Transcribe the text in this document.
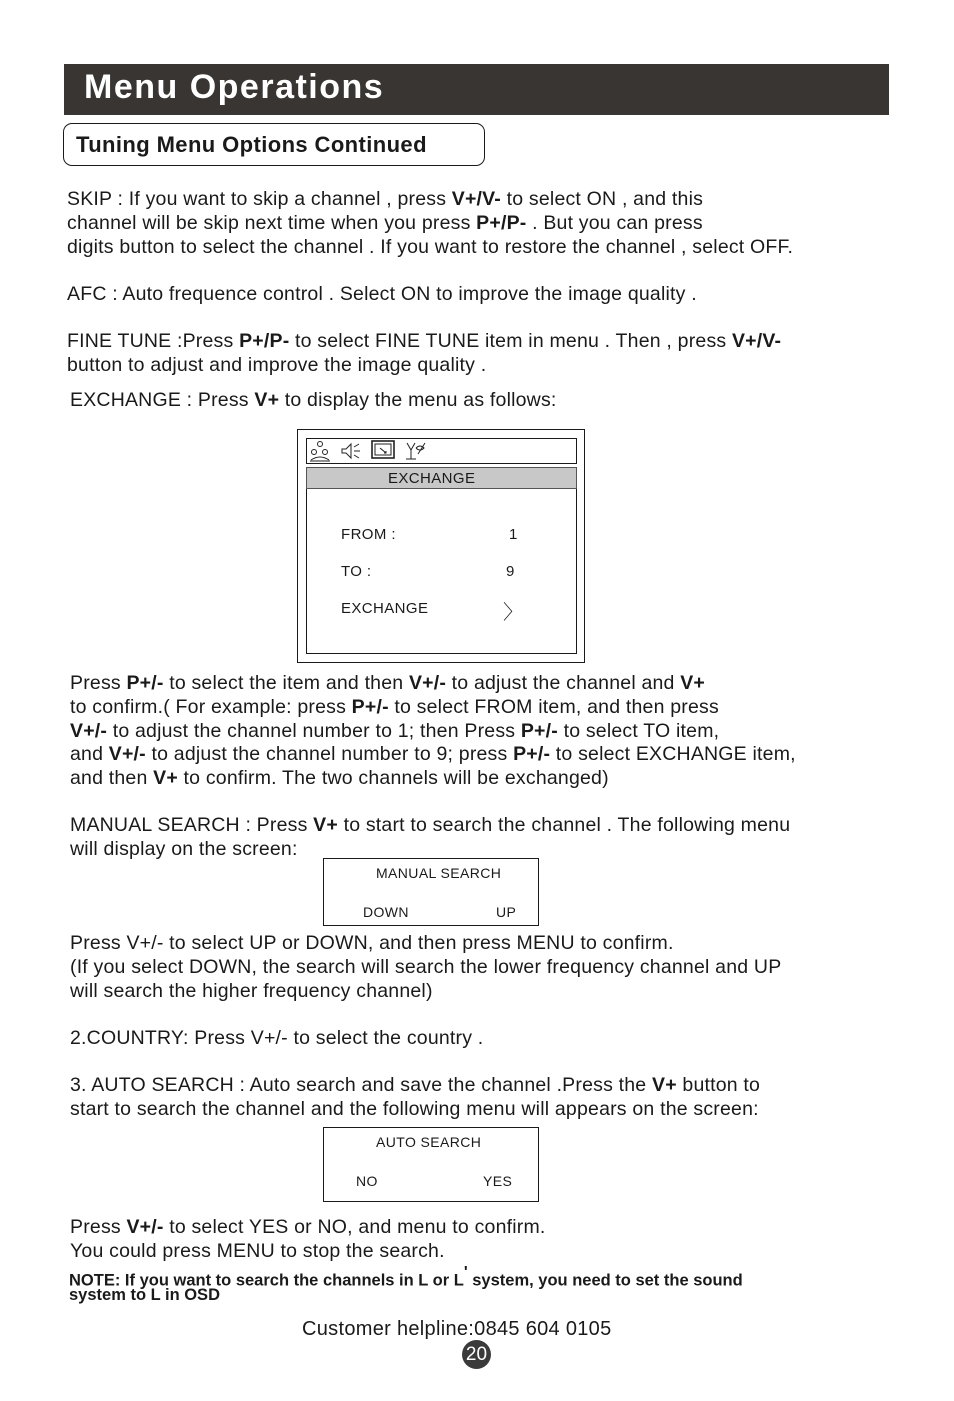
Menu Operations
Tuning Menu Options Continued
SKIP : If you want to skip a channel , press V+/V- to select ON , and this
channel will be skip next time when you press P+/P- . But you can press
digits button to select the channel . If you want to restore the channel , select OFF.
AFC : Auto frequence control . Select ON to improve the image quality .
FINE TUNE :Press P+/P- to select FINE TUNE item in menu . Then , press V+/V-
button to adjust and improve the image quality .
EXCHANGE : Press V+ to display the menu as follows:
EXCHANGE
FROM :	1
TO :	9
EXCHANGE	〉
Press P+/- to select the item and then V+/- to adjust the channel and V+
to confirm.( For example: press P+/- to select FROM item, and then press
V+/- to adjust the channel number to 1; then Press P+/- to select TO item,
and V+/- to adjust the channel number to 9; press P+/- to select EXCHANGE item,
and then V+ to confirm. The two channels will be exchanged)
MANUAL SEARCH : Press V+ to start to search the channel . The following menu
will display on the screen:
MANUAL SEARCH
DOWN	UP
Press V+/- to select UP or DOWN, and then press MENU to confirm.
(If you select DOWN, the search will search the lower frequency channel and UP
will search the higher frequency channel)
2.COUNTRY: Press V+/- to select the country .
3. AUTO SEARCH : Auto search and save the channel .Press the V+ button to
start to search the channel and the following menu will appears on the screen:
AUTO SEARCH
NO	YES
Press V+/- to select YES or NO, and menu to confirm.
You could press MENU to stop the search.
NOTE: If you want to search the channels in L or L' system, you need to set the sound
system to L in OSD
Customer helpline:0845 604 0105
20
